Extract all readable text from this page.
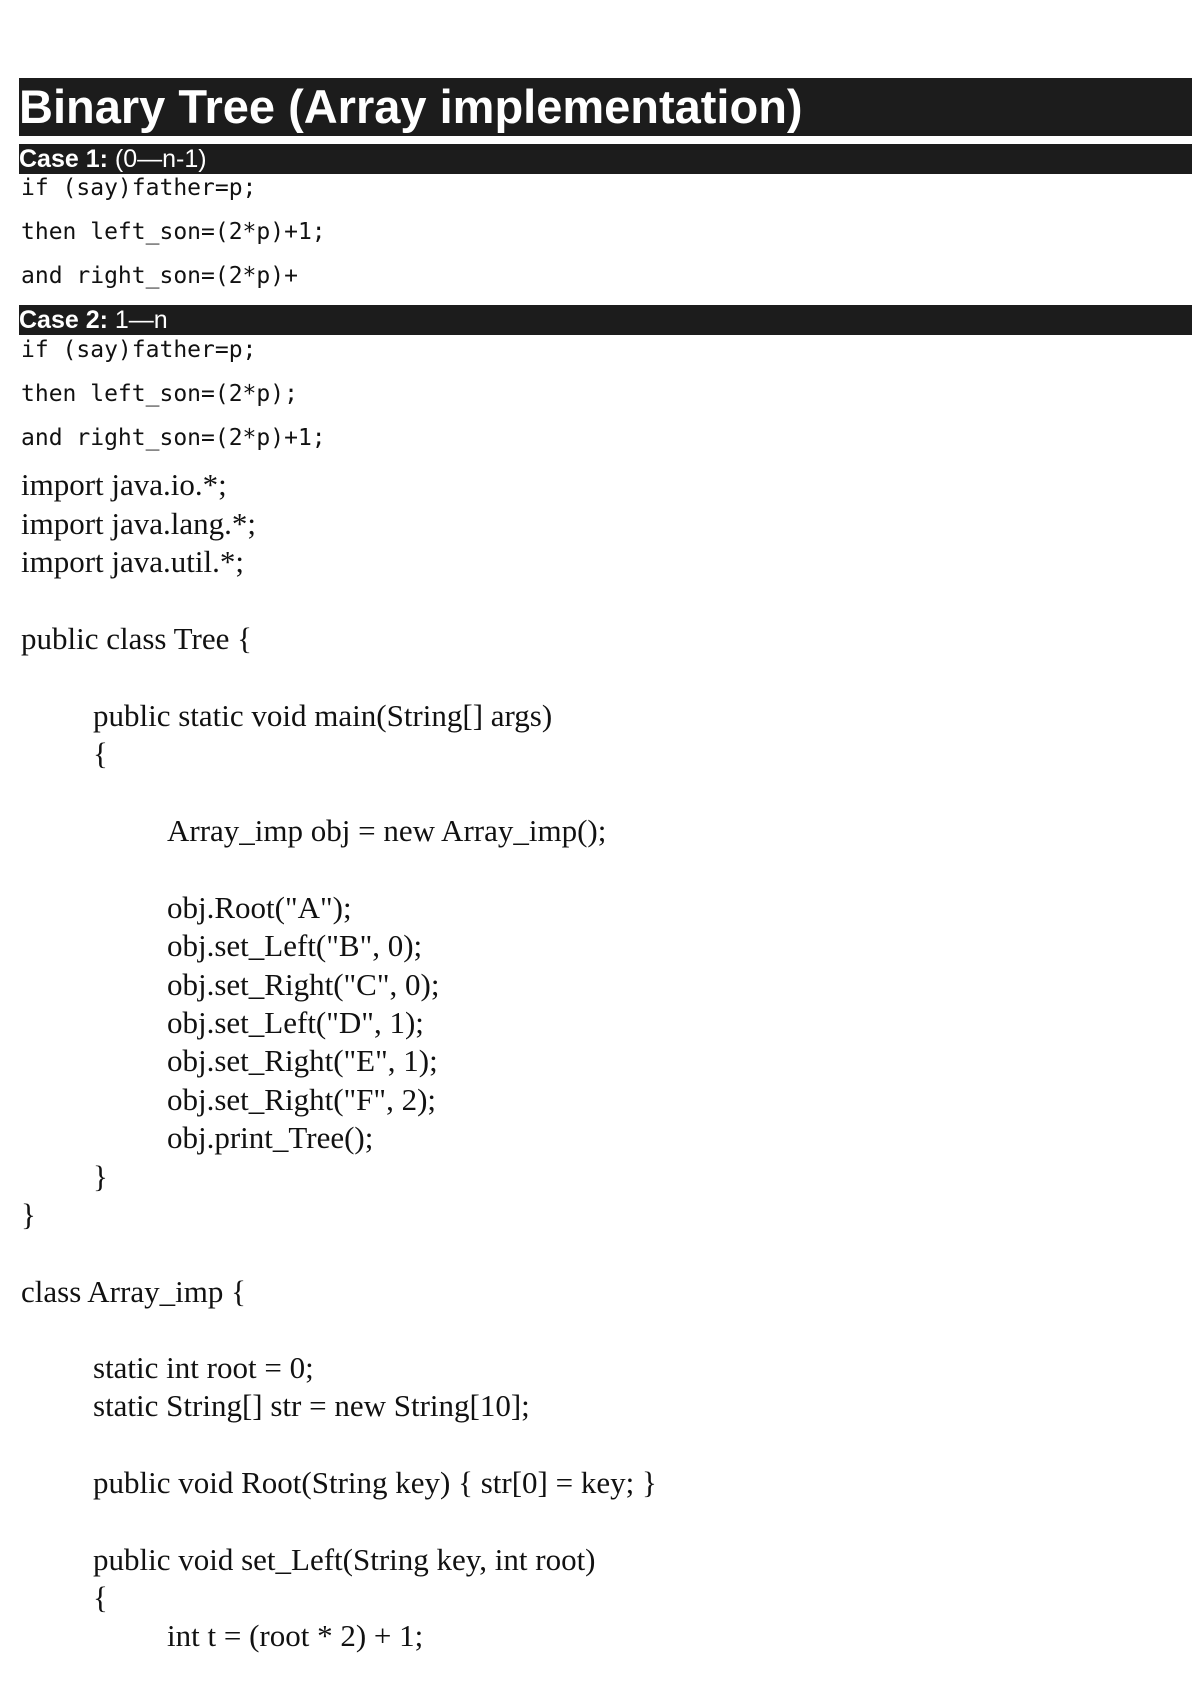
Binary Tree (Array implementation)
Case 1: (0—n-1)
if (say)father=p;
then left_son=(2*p)+1;
and right_son=(2*p)+
Case 2: 1—n
if (say)father=p;
then left_son=(2*p);
and right_son=(2*p)+1;
import java.io.*;
import java.lang.*;
import java.util.*;
public class Tree {
public static void main(String[] args)
{
Array_imp obj = new Array_imp();
obj.Root("A");
obj.set_Left("B", 0);
obj.set_Right("C", 0);
obj.set_Left("D", 1);
obj.set_Right("E", 1);
obj.set_Right("F", 2);
obj.print_Tree();
}
}
class Array_imp {
static int root = 0;
static String[] str = new String[10];
public void Root(String key) { str[0] = key; }
public void set_Left(String key, int root)
{
int t = (root * 2) + 1;
